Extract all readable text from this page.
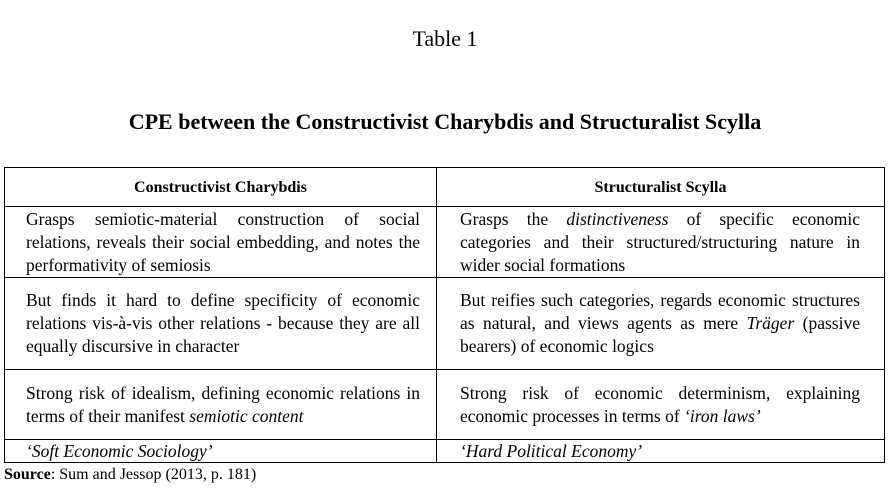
Table 1
CPE between the Constructivist Charybdis and Structuralist Scylla
Constructivist Charybdis	Structuralist Scylla
Grasps semiotic-material construction of social relations, reveals their social embedding, and notes the performativity of semiosis	Grasps the distinctiveness of specific economic categories and their structured/structuring nature in wider social formations
But finds it hard to define specificity of economic relations vis-à-vis other relations - because they are all equally discursive in character	But reifies such categories, regards economic structures as natural, and views agents as mere Träger (passive bearers) of economic logics
Strong risk of idealism, defining economic relations in terms of their manifest semiotic content	Strong risk of economic determinism, explaining economic processes in terms of ‘iron laws’
‘Soft Economic Sociology’	‘Hard Political Economy’
Source: Sum and Jessop (2013, p. 181)
